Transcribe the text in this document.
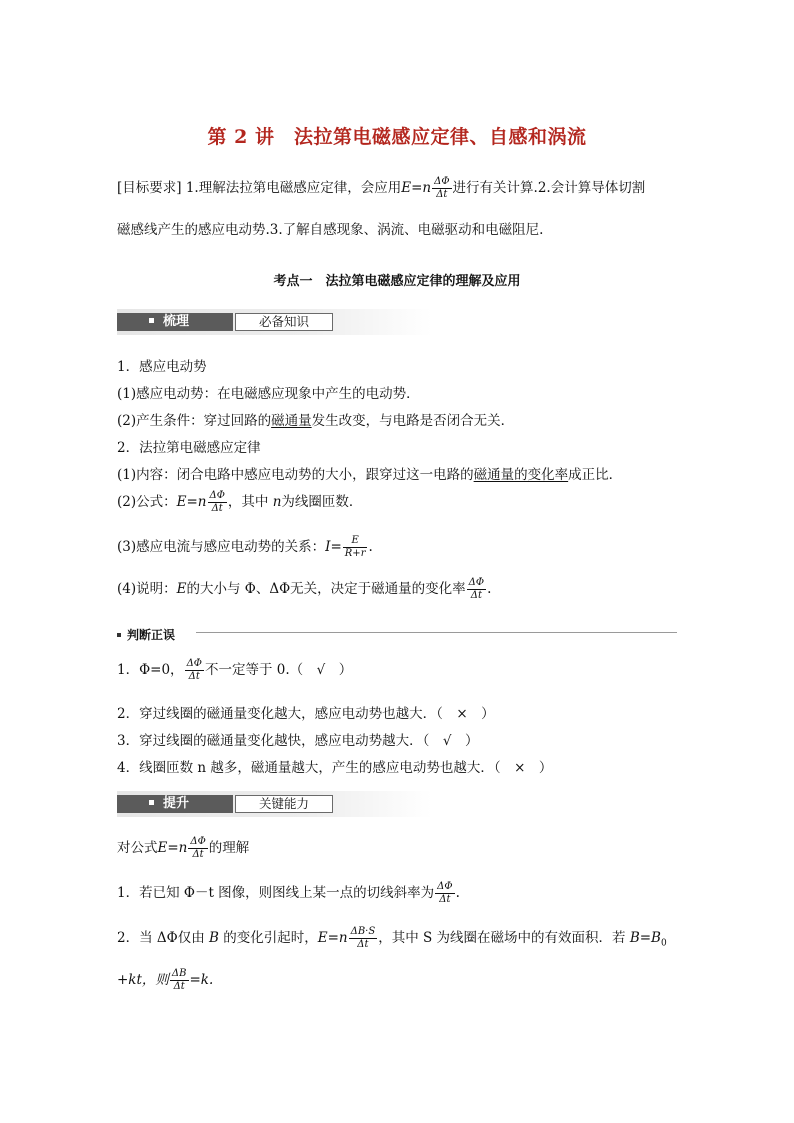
第 2 讲　法拉第电磁感应定律、自感和涡流
[目标要求] 1.理解法拉第电磁感应定律，会应用$E=n \frac{\Delta\Phi}{\Delta t}$ 进行有关计算.2.会计算导体切割
磁感线产生的感应电动势.3.了解自感现象、涡流、电磁驱动和电磁阻尼.
考点一　法拉第电磁感应定律的理解及应用
梳理	必备知识
1．感应电动势
(1)感应电动势：在电磁感应现象中产生的电动势．
(2)产生条件：穿过回路的磁通量发生改变，与电路是否闭合无关．
2．法拉第电磁感应定律
(1)内容：闭合电路中感应电动势的大小，跟穿过这一电路的磁通量的变化率成正比．
(2)公式：$E=n \frac{\Delta\Phi}{\Delta t}$ ，其中 n为线圈匝数．
(3)感应电流与感应电动势的关系：$I= \frac{E}{R+r}$ .
(4)说明：E的大小与 Φ、ΔΦ无关，决定于磁通量的变化率 $\frac{\Delta\Phi}{\Delta t}$ .
判断正误
1．Φ=0， $\frac{\Delta\Phi}{\Delta t}$ 不一定等于 0.（　√　）
2．穿过线圈的磁通量变化越大，感应电动势也越大．（　×　）
3．穿过线圈的磁通量变化越快，感应电动势越大．（　√　）
4．线圈匝数 n 越多，磁通量越大，产生的感应电动势也越大．（　×　）
提升	关键能力
对公式$E=n \frac{\Delta\Phi}{\Delta t}$ 的理解
1．若已知 Φ－t 图像，则图线上某一点的切线斜率为 $\frac{\Delta\Phi}{\Delta t}$ .
2．当 ΔΦ仅由 B 的变化引起时，$E=n \frac{\Delta B\cdot S}{\Delta t}$ ，其中 S 为线圈在磁场中的有效面积．若 $B=B_0$
+kt，则 $\frac{\Delta B}{\Delta t} =k$.
